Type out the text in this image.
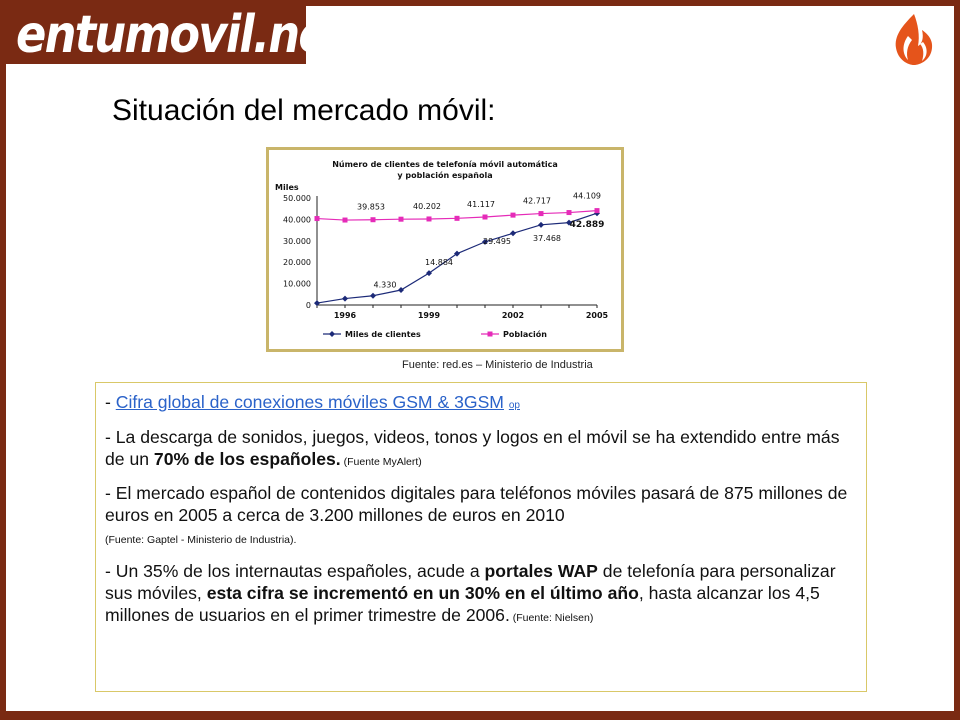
entumovil.net®
Situación del mercado móvil:
Número de clientes de telefonía móvil automática
y población española
Miles
0
10.000
20.000
30.000
40.000
50.000
1996	1999	2002	2005
4.330
14.884
29.495	37.468
42.889
39.853	40.202	41.117	42.717
44.109
Miles de clientes	Población
Fuente: red.es – Ministerio de Industria

- Cifra global de conexiones móviles GSM & 3GSM op

- La descarga de sonidos, juegos, videos, tonos y logos en el móvil se ha extendido entre más de un 70% de los españoles. (Fuente MyAlert)

- El mercado español de contenidos digitales para teléfonos móviles pasará de 875 millones de euros en 2005 a cerca de 3.200 millones de euros en 2010
(Fuente: Gaptel - Ministerio de Industria).

- Un 35% de los internautas españoles, acude a portales WAP de telefonía para personalizar sus móviles, esta cifra se incrementó en un 30% en el último año, hasta alcanzar los 4,5 millones de usuarios en el primer trimestre de 2006. (Fuente: Nielsen)
